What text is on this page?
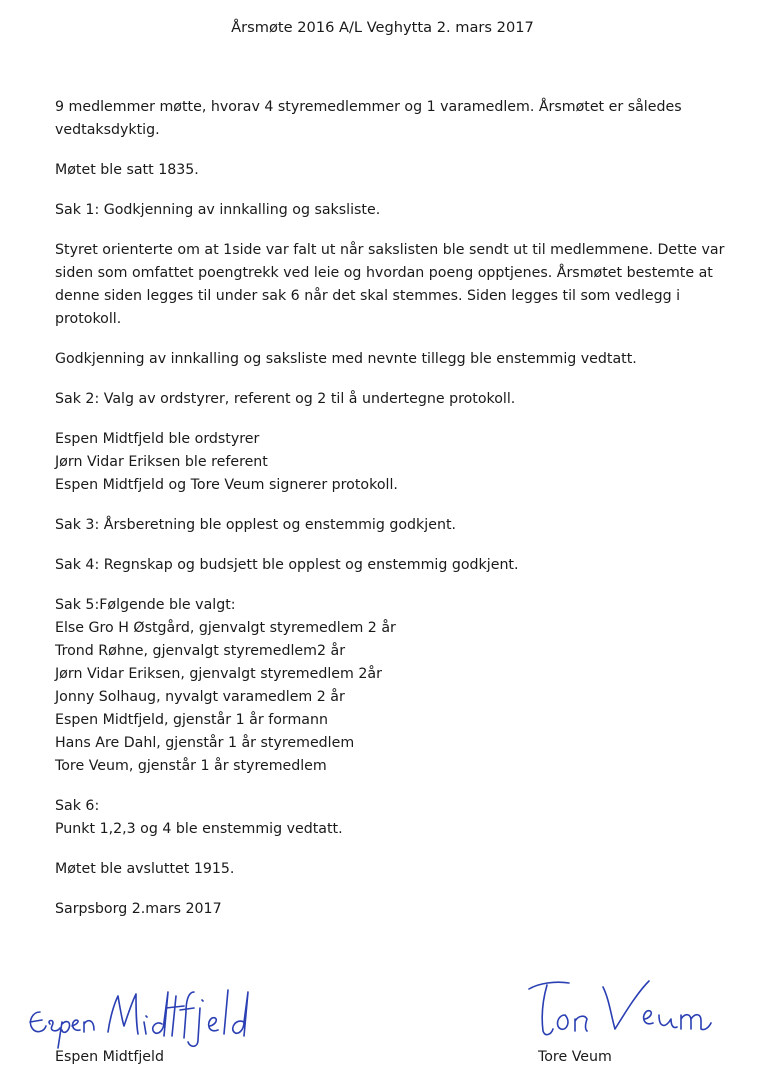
Årsmøte 2016 A/L Veghytta 2. mars 2017

9 medlemmer møtte, hvorav 4 styremedlemmer og 1 varamedlem. Årsmøtet er således
vedtaksdyktig.

Møtet ble satt 1835.

Sak 1: Godkjenning av innkalling og saksliste.

Styret orienterte om at 1side var falt ut når sakslisten ble sendt ut til medlemmene. Dette var
siden som omfattet poengtrekk ved leie og hvordan poeng opptjenes. Årsmøtet bestemte at
denne siden legges til under sak 6 når det skal stemmes. Siden legges til som vedlegg i
protokoll.

Godkjenning av innkalling og saksliste med nevnte tillegg ble enstemmig vedtatt.

Sak 2: Valg av ordstyrer, referent og 2 til å undertegne protokoll.

Espen Midtfjeld ble ordstyrer
Jørn Vidar Eriksen ble referent
Espen Midtfjeld og Tore Veum signerer protokoll.

Sak 3: Årsberetning ble opplest og enstemmig godkjent.

Sak 4: Regnskap og budsjett ble opplest og enstemmig godkjent.

Sak 5:Følgende ble valgt:
Else Gro H Østgård, gjenvalgt styremedlem 2 år
Trond Røhne, gjenvalgt styremedlem2 år
Jørn Vidar Eriksen, gjenvalgt styremedlem 2år
Jonny Solhaug, nyvalgt varamedlem 2 år
Espen Midtfjeld, gjenstår 1 år formann
Hans Are Dahl, gjenstår 1 år styremedlem
Tore Veum, gjenstår 1 år styremedlem

Sak 6:
Punkt 1,2,3 og 4 ble enstemmig vedtatt.

Møtet ble avsluttet 1915.

Sarpsborg 2.mars 2017

Espen Midtfjeld	Tore Veum
